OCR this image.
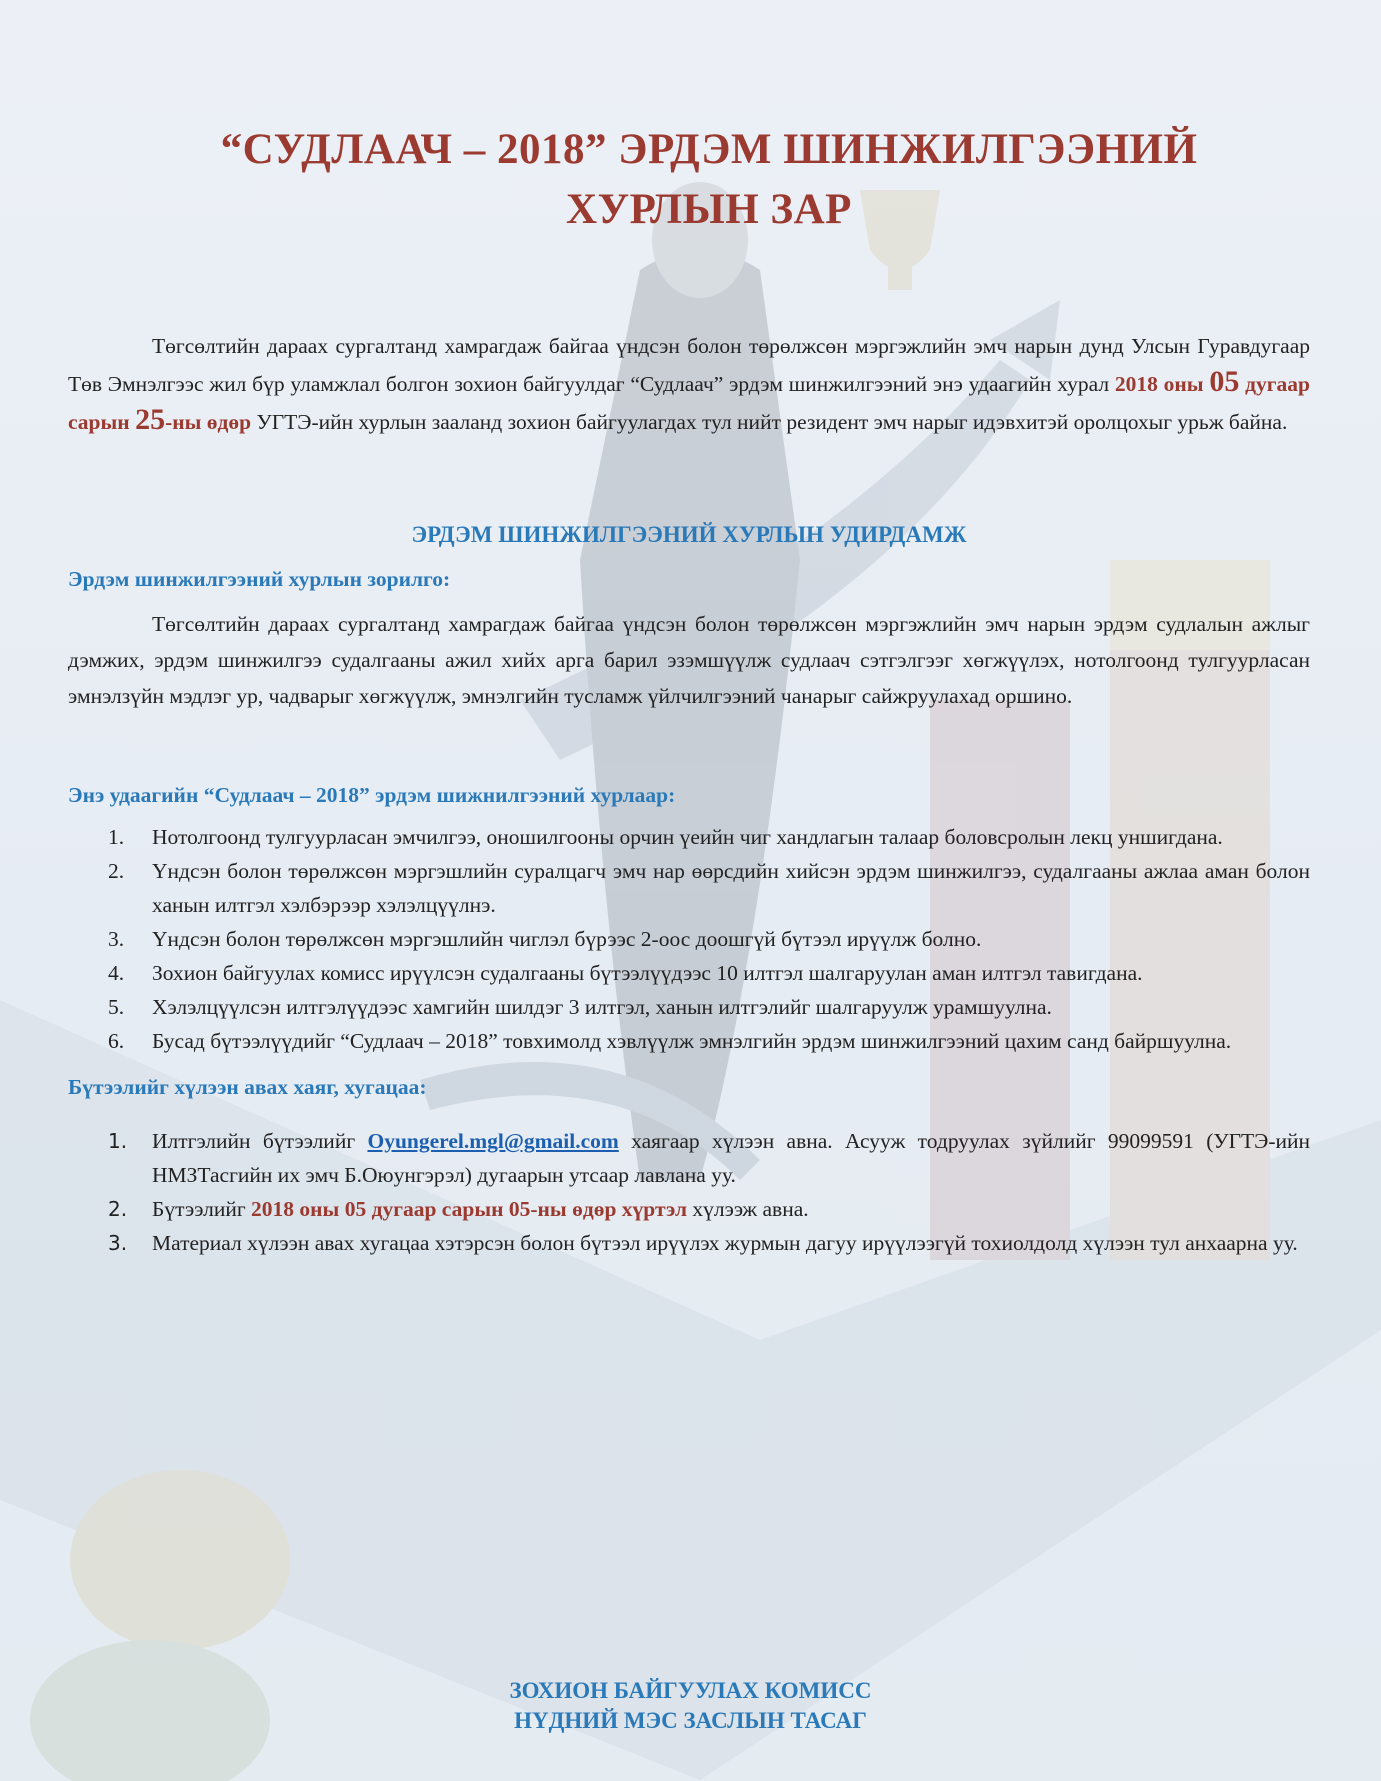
“СУДЛААЧ – 2018” ЭРДЭМ ШИНЖИЛГЭЭНИЙ
ХУРЛЫН ЗАР

Төгсөлтийн дараах сургалтанд хамрагдаж байгаа үндсэн болон төрөлжсөн мэргэжлийн эмч нарын дунд Улсын Гуравдугаар Төв Эмнэлгээс жил бүр уламжлал болгон зохион байгуулдаг “Судлаач” эрдэм шинжилгээний энэ удаагийн хурал 2018 оны 05 дугаар сарын 25-ны өдөр УГТЭ-ийн хурлын зааланд зохион байгуулагдах тул нийт резидент эмч нарыг идэвхитэй оролцохыг урьж байна.

ЭРДЭМ ШИНЖИЛГЭЭНИЙ ХУРЛЫН УДИРДАМЖ
Эрдэм шинжилгээний хурлын зорилго:

Төгсөлтийн дараах сургалтанд хамрагдаж байгаа үндсэн болон төрөлжсөн мэргэжлийн эмч нарын эрдэм судлалын ажлыг дэмжих, эрдэм шинжилгээ судалгааны ажил хийх арга барил эзэмшүүлж судлаач сэтгэлгээг хөгжүүлэх, нотолгоонд тулгуурласан эмнэлзүйн мэдлэг ур, чадварыг хөгжүүлж, эмнэлгийн тусламж үйлчилгээний чанарыг сайжруулахад оршино.

Энэ удаагийн “Судлаач – 2018” эрдэм шижнилгээний хурлаар:
1. Нотолгоонд тулгуурласан эмчилгээ, оношилгооны орчин үеийн чиг хандлагын талаар боловсролын лекц уншигдана.
2. Үндсэн болон төрөлжсөн мэргэшлийн суралцагч эмч нар өөрсдийн хийсэн эрдэм шинжилгээ, судалгааны ажлаа аман болон ханын илтгэл хэлбэрээр хэлэлцүүлнэ.
3. Үндсэн болон төрөлжсөн мэргэшлийн чиглэл бүрээс 2-оос доошгүй бүтээл ирүүлж болно.
4. Зохион байгуулах комисс ирүүлсэн судалгааны бүтээлүүдээс 10 илтгэл шалгаруулан аман илтгэл тавигдана.
5. Хэлэлцүүлсэн илтгэлүүдээс хамгийн шилдэг 3 илтгэл, ханын илтгэлийг шалгаруулж урамшуулна.
6. Бусад бүтээлүүдийг “Судлаач – 2018” товхимолд хэвлүүлж эмнэлгийн эрдэм шинжилгээний цахим санд байршуулна.
Бүтээлийг хүлээн авах хаяг, хугацаа:
1. Илтгэлийн бүтээлийг Oyungerel.mgl@gmail.com хаягаар хүлээн авна. Асууж тодруулах зүйлийг 99099591 (УГТЭ-ийн НМЗТасгийн их эмч Б.Оюунгэрэл) дугаарын утсаар лавлана уу.
2. Бүтээлийг 2018 оны 05 дугаар сарын 05-ны өдөр хүртэл хүлээж авна.
3. Материал хүлээн авах хугацаа хэтэрсэн болон бүтээл ирүүлэх журмын дагуу ирүүлээгүй тохиолдолд хүлээн тул анхаарна уу.
ЗОХИОН БАЙГУУЛАХ КОМИСС
НҮДНИЙ МЭС ЗАСЛЫН ТАСАГ
